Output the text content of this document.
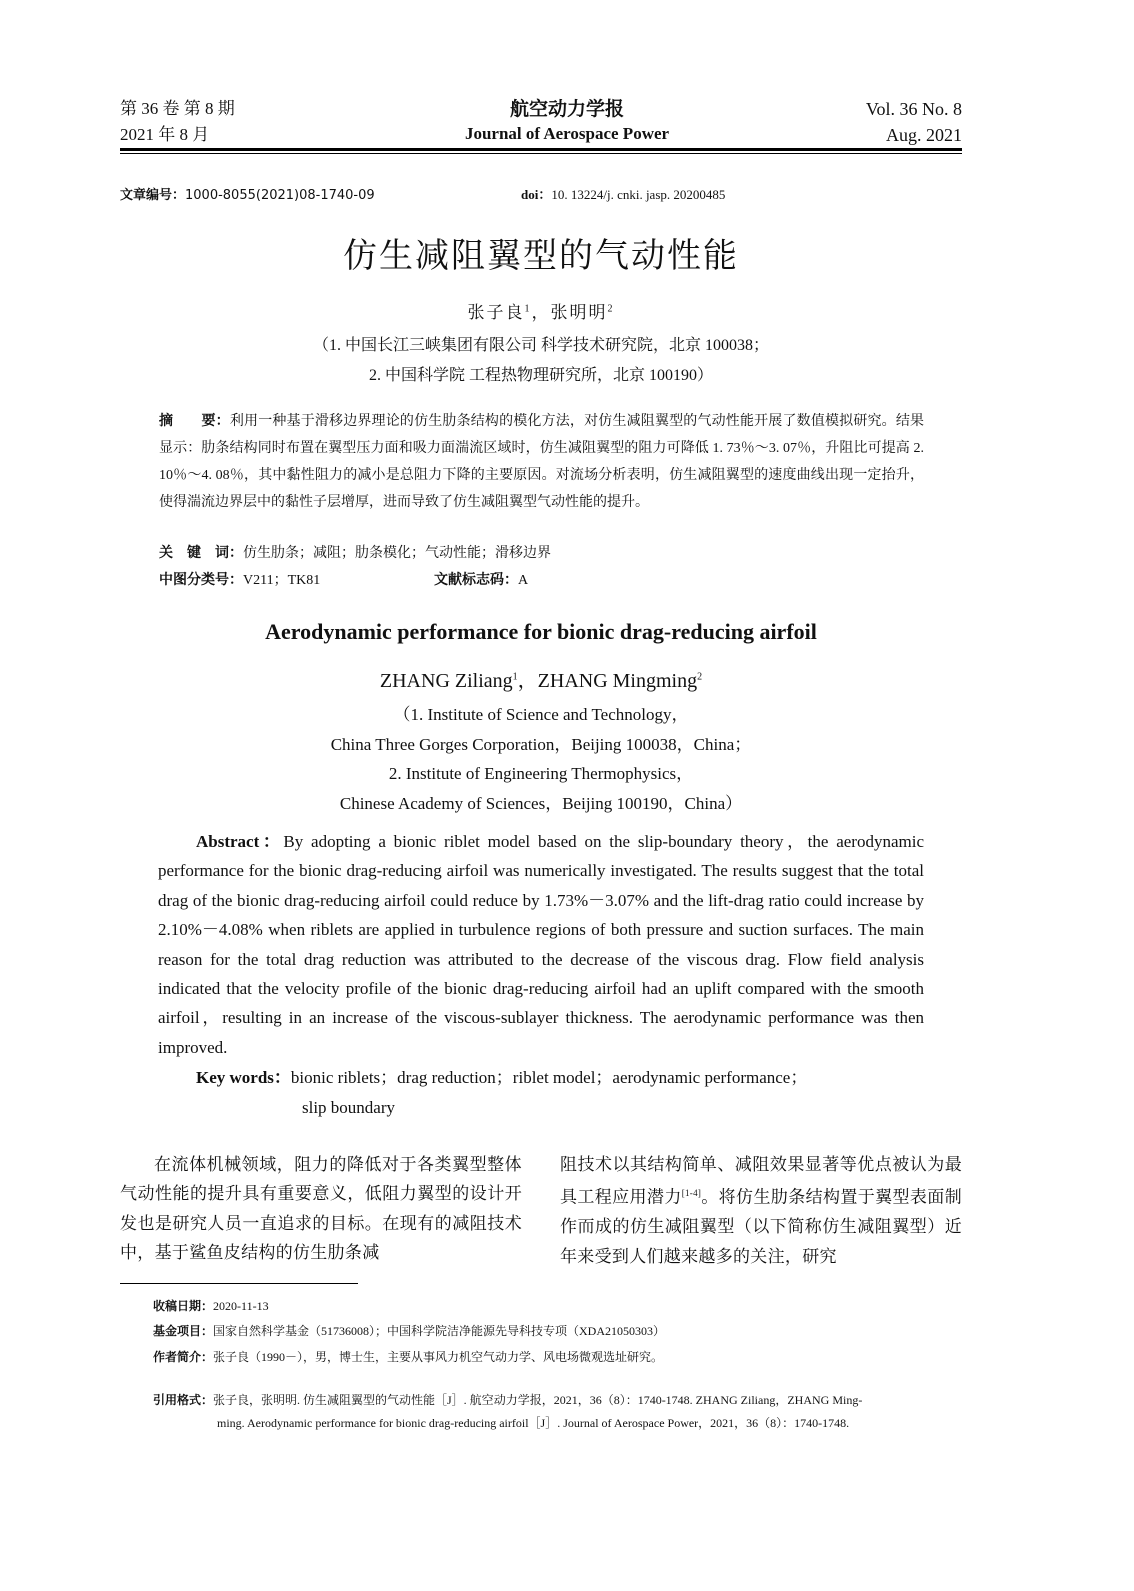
第 36 卷 第 8 期
2021 年 8 月
航空动力学报
Journal of Aerospace Power
Vol. 36 No. 8
Aug. 2021
文章编号：1000-8055(2021)08-1740-09	doi：10. 13224/j. cnki. jasp. 20200485
仿生减阻翼型的气动性能
张子良$^1$，张明明$^2$
（1. 中国长江三峡集团有限公司 科学技术研究院，北京 100038；
2. 中国科学院 工程热物理研究所，北京 100190）
摘　　要：利用一种基于滑移边界理论的仿生肋条结构的模化方法，对仿生减阻翼型的气动性能开展了数值模拟研究。结果显示：肋条结构同时布置在翼型压力面和吸力面湍流区域时，仿生减阻翼型的阻力可降低 1. 73％～3. 07％，升阻比可提高 2. 10％～4. 08％，其中黏性阻力的减小是总阻力下降的主要原因。对流场分析表明，仿生减阻翼型的速度曲线出现一定抬升，使得湍流边界层中的黏性子层增厚，进而导致了仿生减阻翼型气动性能的提升。
关　键　词：仿生肋条；减阻；肋条模化；气动性能；滑移边界
中图分类号：V211；TK81	文献标志码：A
Aerodynamic performance for bionic drag-reducing airfoil
ZHANG Ziliang$^1$，ZHANG Mingming$^2$
（1. Institute of Science and Technology，
China Three Gorges Corporation，Beijing 100038，China；
2. Institute of Engineering Thermophysics，
Chinese Academy of Sciences，Beijing 100190，China）
Abstract：By adopting a bionic riblet model based on the slip-boundary theory，the aerodynamic performance for the bionic drag-reducing airfoil was numerically investigated. The results suggest that the total drag of the bionic drag-reducing airfoil could reduce by 1.73%－3.07% and the lift-drag ratio could increase by 2.10%－4.08% when riblets are applied in turbulence regions of both pressure and suction surfaces. The main reason for the total drag reduction was attributed to the decrease of the viscous drag. Flow field analysis indicated that the velocity profile of the bionic drag-reducing airfoil had an uplift compared with the smooth airfoil，resulting in an increase of the viscous-sublayer thickness. The aerodynamic performance was then improved.
Key words：bionic riblets；drag reduction；riblet model；aerodynamic performance；
slip boundary
在流体机械领域，阻力的降低对于各类翼型整体气动性能的提升具有重要意义，低阻力翼型的设计开发也是研究人员一直追求的目标。在现有的减阻技术中，基于鲨鱼皮结构的仿生肋条减
阻技术以其结构简单、减阻效果显著等优点被认为最具工程应用潜力[1-4]。将仿生肋条结构置于翼型表面制作而成的仿生减阻翼型（以下简称仿生减阻翼型）近年来受到人们越来越多的关注，研究
收稿日期：2020-11-13
基金项目：国家自然科学基金（51736008）；中国科学院洁净能源先导科技专项（XDA21050303）
作者简介：张子良（1990－），男，博士生，主要从事风力机空气动力学、风电场微观选址研究。
引用格式：张子良，张明明. 仿生减阻翼型的气动性能［J］. 航空动力学报，2021，36（8）：1740-1748. ZHANG Ziliang，ZHANG Ming-
ming. Aerodynamic performance for bionic drag-reducing airfoil［J］. Journal of Aerospace Power，2021，36（8）：1740-1748.
